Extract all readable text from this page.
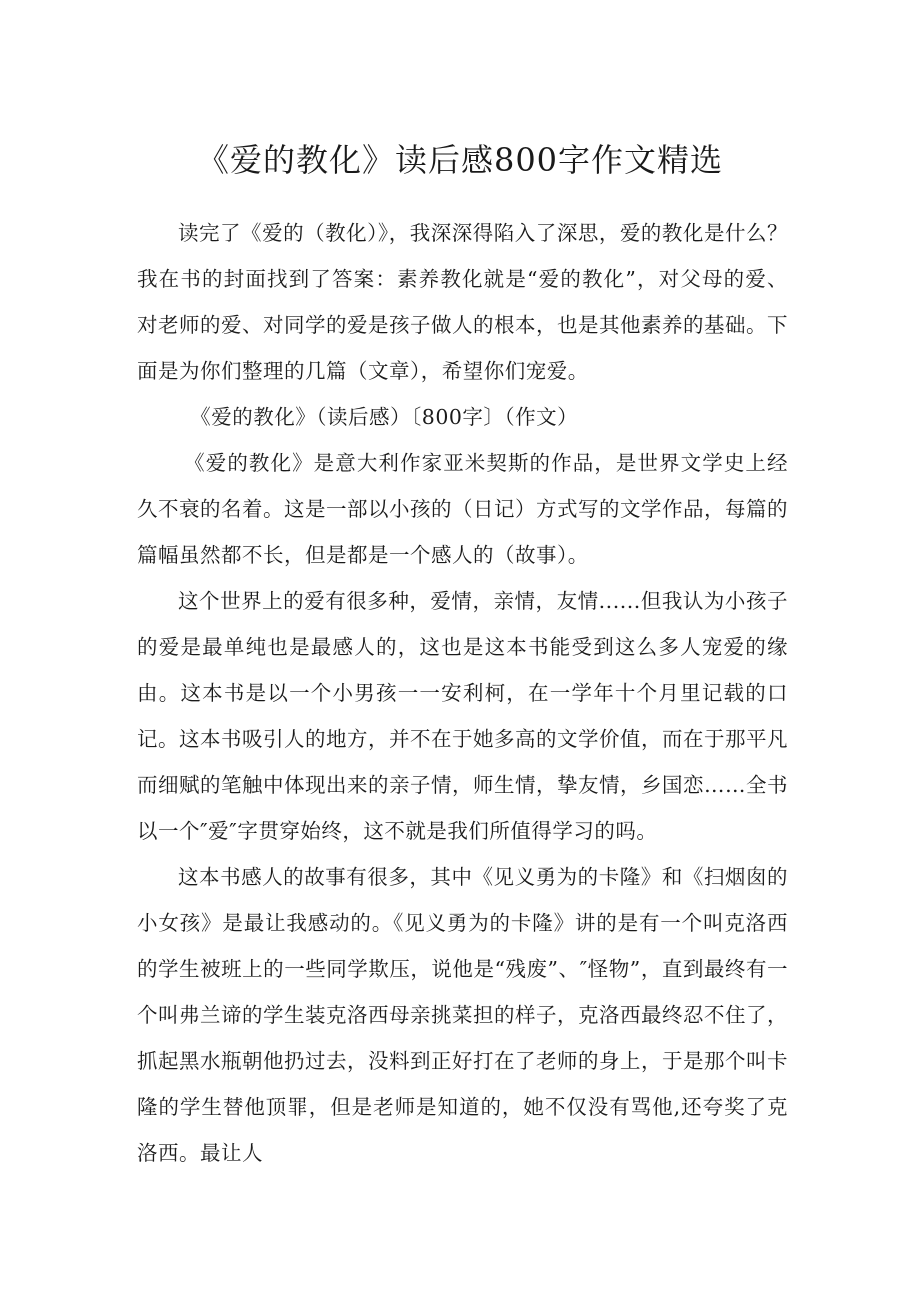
《爱的教化》读后感800字作文精选

读完了《爱的（教化）》，我深深得陷入了深思，爱的教化是什么？我在书的封面找到了答案：素养教化就是“爱的教化”，对父母的爱、对老师的爱、对同学的爱是孩子做人的根本，也是其他素养的基础。下面是为你们整理的几篇（文章），希望你们宠爱。

《爱的教化》（读后感）〔800字〕（作文）

《爱的教化》是意大利作家亚米契斯的作品，是世界文学史上经久不衰的名着。这是一部以小孩的（日记）方式写的文学作品，每篇的篇幅虽然都不长，但是都是一个感人的（故事）。

这个世界上的爱有很多种，爱情，亲情，友情......但我认为小孩子的爱是最单纯也是最感人的，这也是这本书能受到这么多人宠爱的缘由。这本书是以一个小男孩一一安利柯，在一学年十个月里记载的口记。这本书吸引人的地方，并不在于她多高的文学价值，而在于那平凡而细赋的笔触中体现出来的亲子情，师生情，挚友情，乡国恋……全书以一个″爱″字贯穿始终，这不就是我们所值得学习的吗。

这本书感人的故事有很多，其中《见义勇为的卡隆》和《扫烟囱的小女孩》是最让我感动的。《见义勇为的卡隆》讲的是有一个叫克洛西的学生被班上的一些同学欺压，说他是“残废”、″怪物”，直到最终有一个叫弗兰谛的学生装克洛西母亲挑菜担的样子，克洛西最终忍不住了，抓起黑水瓶朝他扔过去，没料到正好打在了老师的身上，于是那个叫卡隆的学生替他顶罪，但是老师是知道的，她不仅没有骂他,还夸奖了克洛西。最让人
